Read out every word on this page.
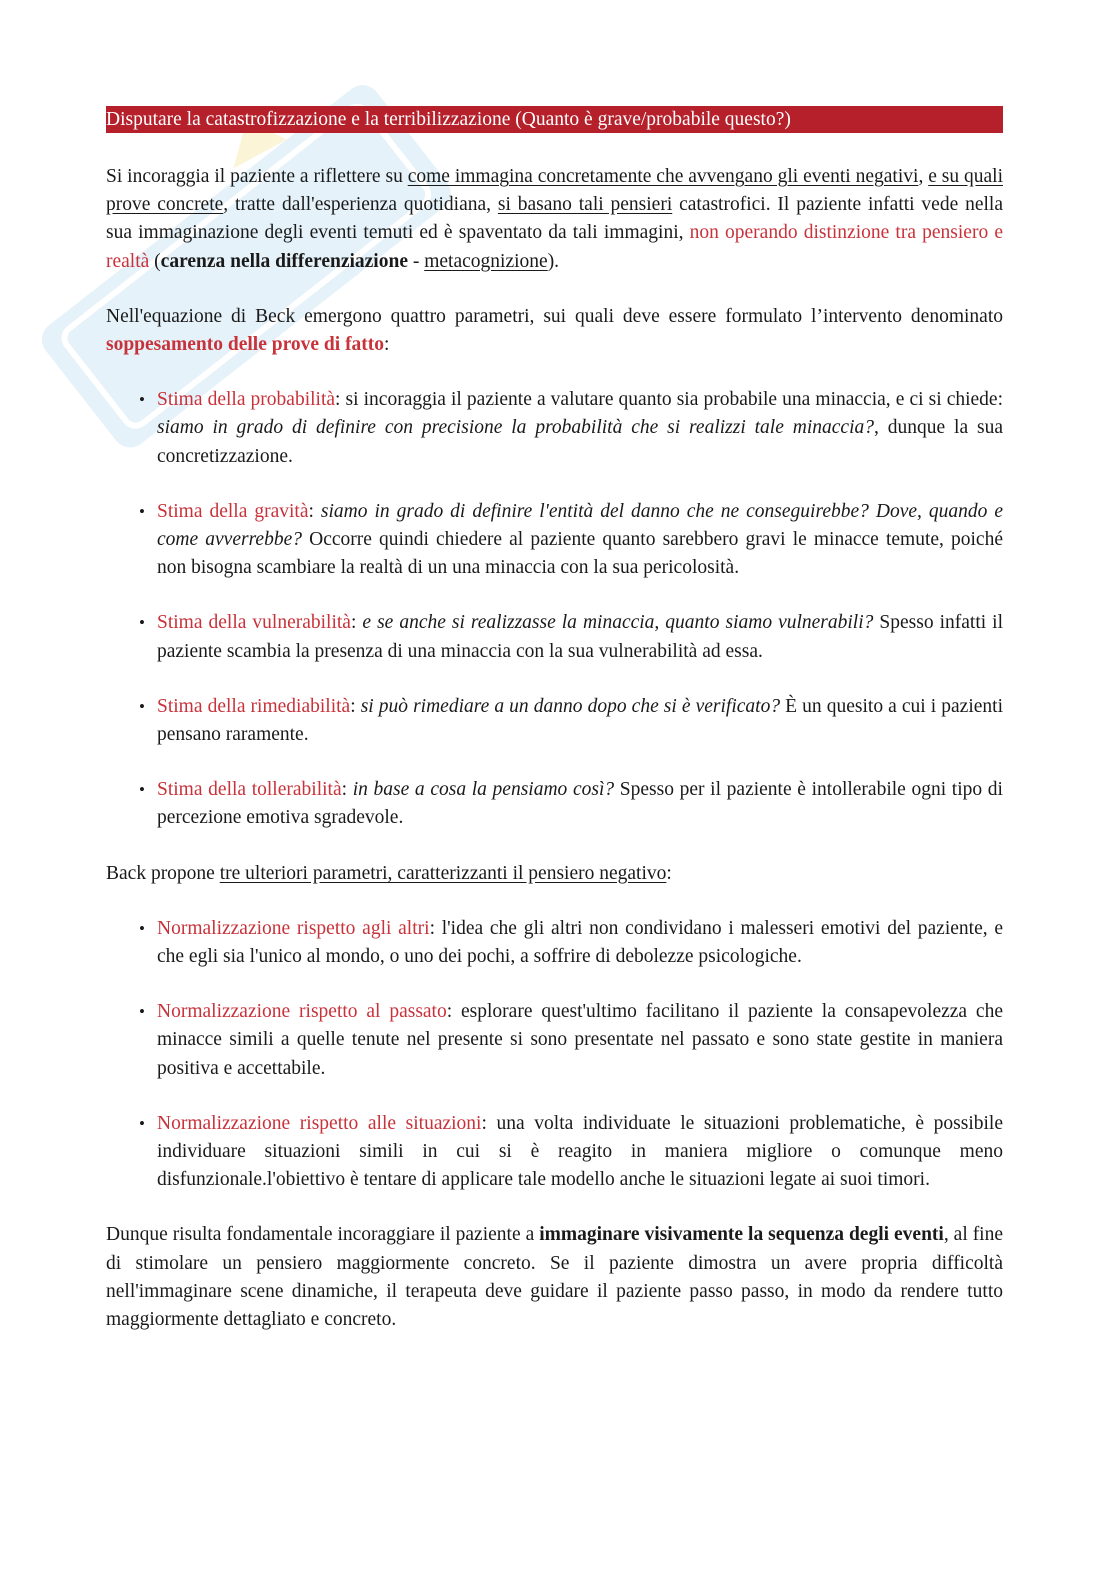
Disputare la catastrofizzazione e la terribilizzazione (Quanto è grave/probabile questo?)

Si incoraggia il paziente a riflettere su come immagina concretamente che avvengano gli eventi negativi, e su quali prove concrete, tratte dall'esperienza quotidiana, si basano tali pensieri catastrofici. Il paziente infatti vede nella sua immaginazione degli eventi temuti ed è spaventato da tali immagini, non operando distinzione tra pensiero e realtà (carenza nella differenziazione - metacognizione).

Nell'equazione di Beck emergono quattro parametri, sui quali deve essere formulato l’intervento denominato soppesamento delle prove di fatto:

• Stima della probabilità: si incoraggia il paziente a valutare quanto sia probabile una minaccia, e ci si chiede: siamo in grado di definire con precisione la probabilità che si realizzi tale minaccia?, dunque la sua concretizzazione.
• Stima della gravità: siamo in grado di definire l'entità del danno che ne conseguirebbe? Dove, quando e come avverrebbe? Occorre quindi chiedere al paziente quanto sarebbero gravi le minacce temute, poiché non bisogna scambiare la realtà di un una minaccia con la sua pericolosità.
• Stima della vulnerabilità: e se anche si realizzasse la minaccia, quanto siamo vulnerabili? Spesso infatti il paziente scambia la presenza di una minaccia con la sua vulnerabilità ad essa.
• Stima della rimediabilità: si può rimediare a un danno dopo che si è verificato? È un quesito a cui i pazienti pensano raramente.
• Stima della tollerabilità: in base a cosa la pensiamo così? Spesso per il paziente è intollerabile ogni tipo di percezione emotiva sgradevole.

Back propone tre ulteriori parametri, caratterizzanti il pensiero negativo:

• Normalizzazione rispetto agli altri: l'idea che gli altri non condividano i malesseri emotivi del paziente, e che egli sia l'unico al mondo, o uno dei pochi, a soffrire di debolezze psicologiche.
• Normalizzazione rispetto al passato: esplorare quest'ultimo facilitano il paziente la consapevolezza che minacce simili a quelle tenute nel presente si sono presentate nel passato e sono state gestite in maniera positiva e accettabile.
• Normalizzazione rispetto alle situazioni: una volta individuate le situazioni problematiche, è possibile individuare situazioni simili in cui si è reagito in maniera migliore o comunque meno disfunzionale.l'obiettivo è tentare di applicare tale modello anche le situazioni legate ai suoi timori.

Dunque risulta fondamentale incoraggiare il paziente a immaginare visivamente la sequenza degli eventi, al fine di stimolare un pensiero maggiormente concreto. Se il paziente dimostra un avere propria difficoltà nell'immaginare scene dinamiche, il terapeuta deve guidare il paziente passo passo, in modo da rendere tutto maggiormente dettagliato e concreto.
